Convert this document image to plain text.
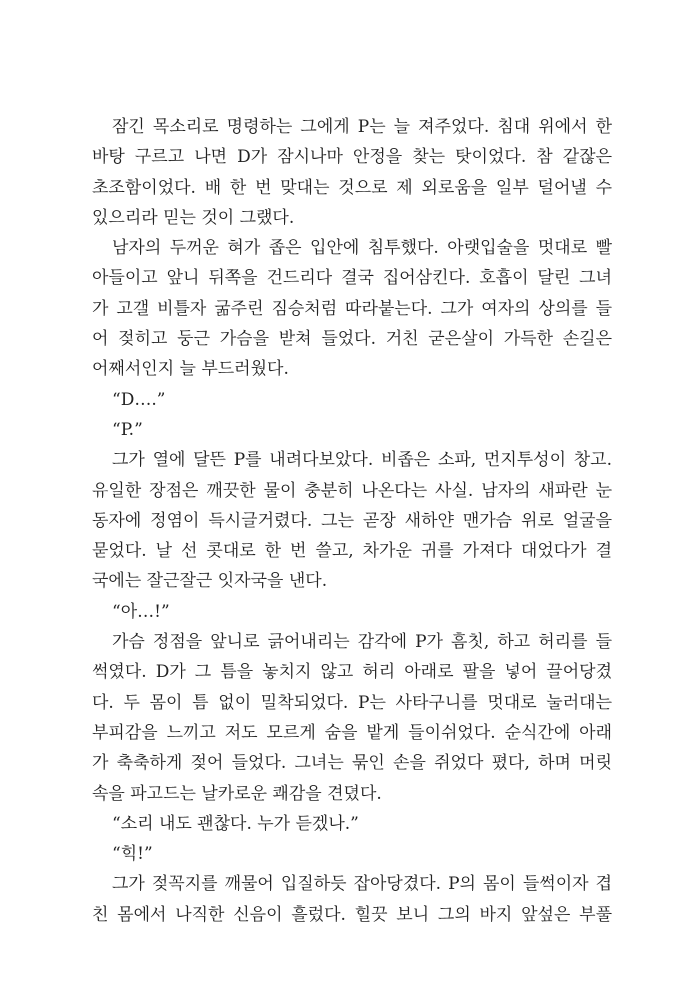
잠긴 목소리로 명령하는 그에게 P는 늘 져주었다. 침대 위에서 한
바탕 구르고 나면 D가 잠시나마 안정을 찾는 탓이었다. 참 같잖은
초조함이었다. 배 한 번 맞대는 것으로 제 외로움을 일부 덜어낼 수
있으리라 믿는 것이 그랬다.
남자의 두꺼운 혀가 좁은 입안에 침투했다. 아랫입술을 멋대로 빨
아들이고 앞니 뒤쪽을 건드리다 결국 집어삼킨다. 호흡이 달린 그녀
가 고갤 비틀자 굶주린 짐승처럼 따라붙는다. 그가 여자의 상의를 들
어 젖히고 둥근 가슴을 받쳐 들었다. 거친 굳은살이 가득한 손길은
어째서인지 늘 부드러웠다.
“D….”
“P.”
그가 열에 달뜬 P를 내려다보았다. 비좁은 소파, 먼지투성이 창고.
유일한 장점은 깨끗한 물이 충분히 나온다는 사실. 남자의 새파란 눈
동자에 정염이 득시글거렸다. 그는 곧장 새하얀 맨가슴 위로 얼굴을
묻었다. 날 선 콧대로 한 번 쓸고, 차가운 귀를 가져다 대었다가 결
국에는 잘근잘근 잇자국을 낸다.
“아…!”
가슴 정점을 앞니로 긁어내리는 감각에 P가 흠칫, 하고 허리를 들
썩였다. D가 그 틈을 놓치지 않고 허리 아래로 팔을 넣어 끌어당겼
다. 두 몸이 틈 없이 밀착되었다. P는 사타구니를 멋대로 눌러대는
부피감을 느끼고 저도 모르게 숨을 밭게 들이쉬었다. 순식간에 아래
가 축축하게 젖어 들었다. 그녀는 묶인 손을 쥐었다 폈다, 하며 머릿
속을 파고드는 날카로운 쾌감을 견뎠다.
“소리 내도 괜찮다. 누가 듣겠나.”
“힉!”
그가 젖꼭지를 깨물어 입질하듯 잡아당겼다. P의 몸이 들썩이자 겹
친 몸에서 나직한 신음이 흘렀다. 힐끗 보니 그의 바지 앞섶은 부풀
